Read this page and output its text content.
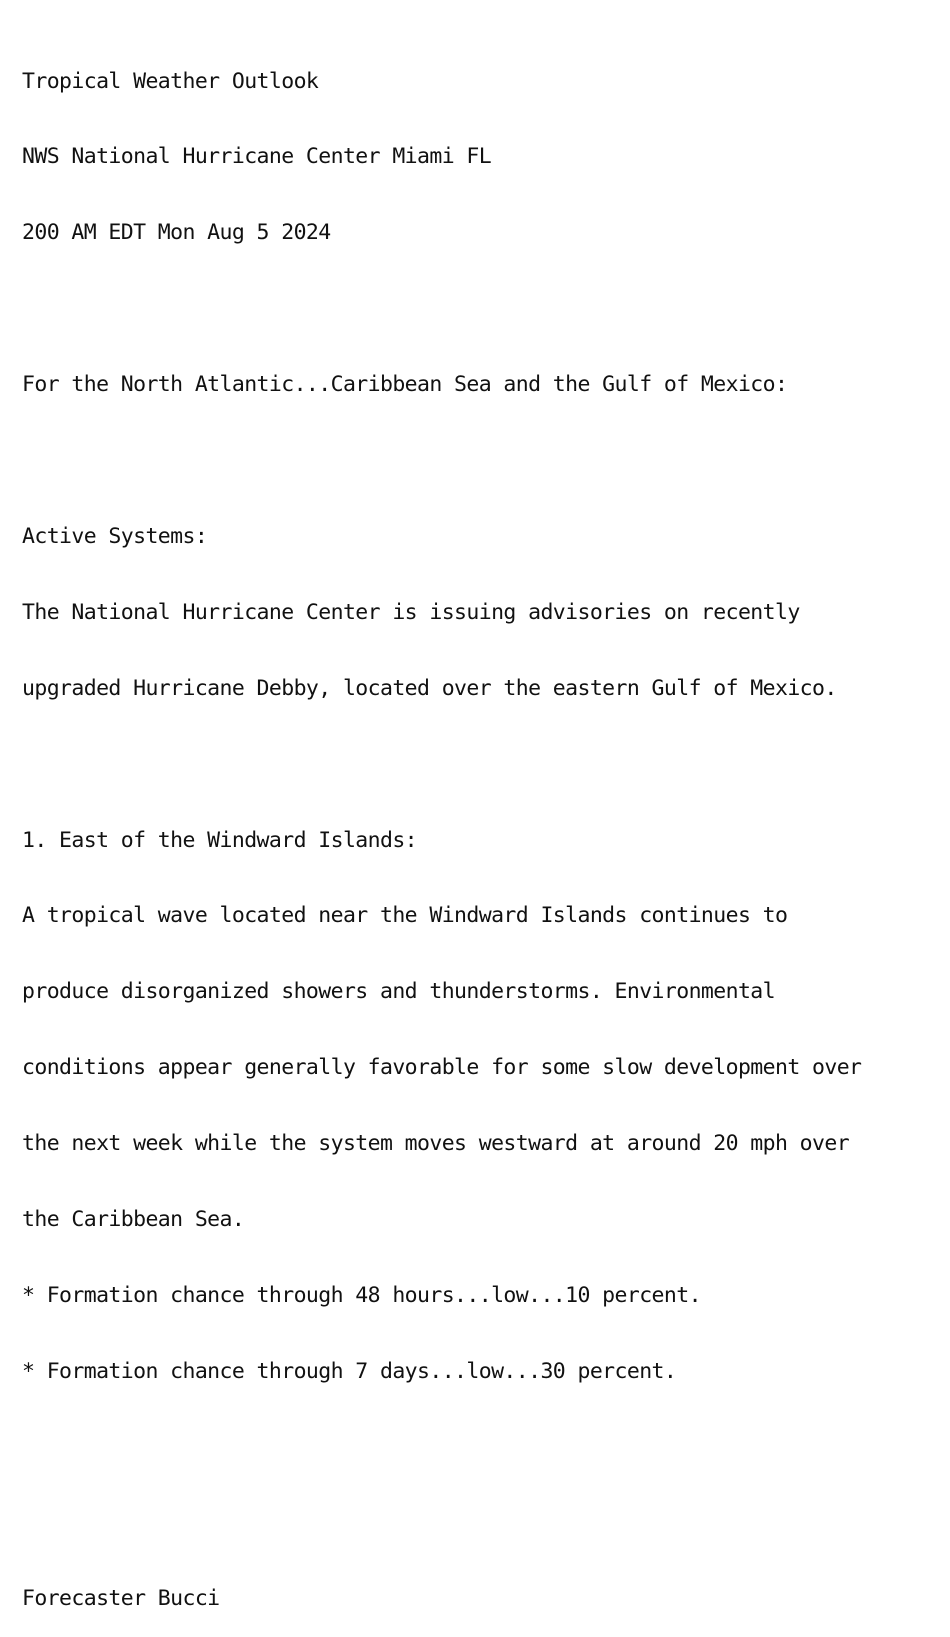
Tropical Weather Outlook

NWS National Hurricane Center Miami FL

200 AM EDT Mon Aug 5 2024

For the North Atlantic...Caribbean Sea and the Gulf of Mexico:

Active Systems:

The National Hurricane Center is issuing advisories on recently

upgraded Hurricane Debby, located over the eastern Gulf of Mexico.

1. East of the Windward Islands:

A tropical wave located near the Windward Islands continues to

produce disorganized showers and thunderstorms. Environmental

conditions appear generally favorable for some slow development over

the next week while the system moves westward at around 20 mph over

the Caribbean Sea.

* Formation chance through 48 hours...low...10 percent.

* Formation chance through 7 days...low...30 percent.

Forecaster Bucci
